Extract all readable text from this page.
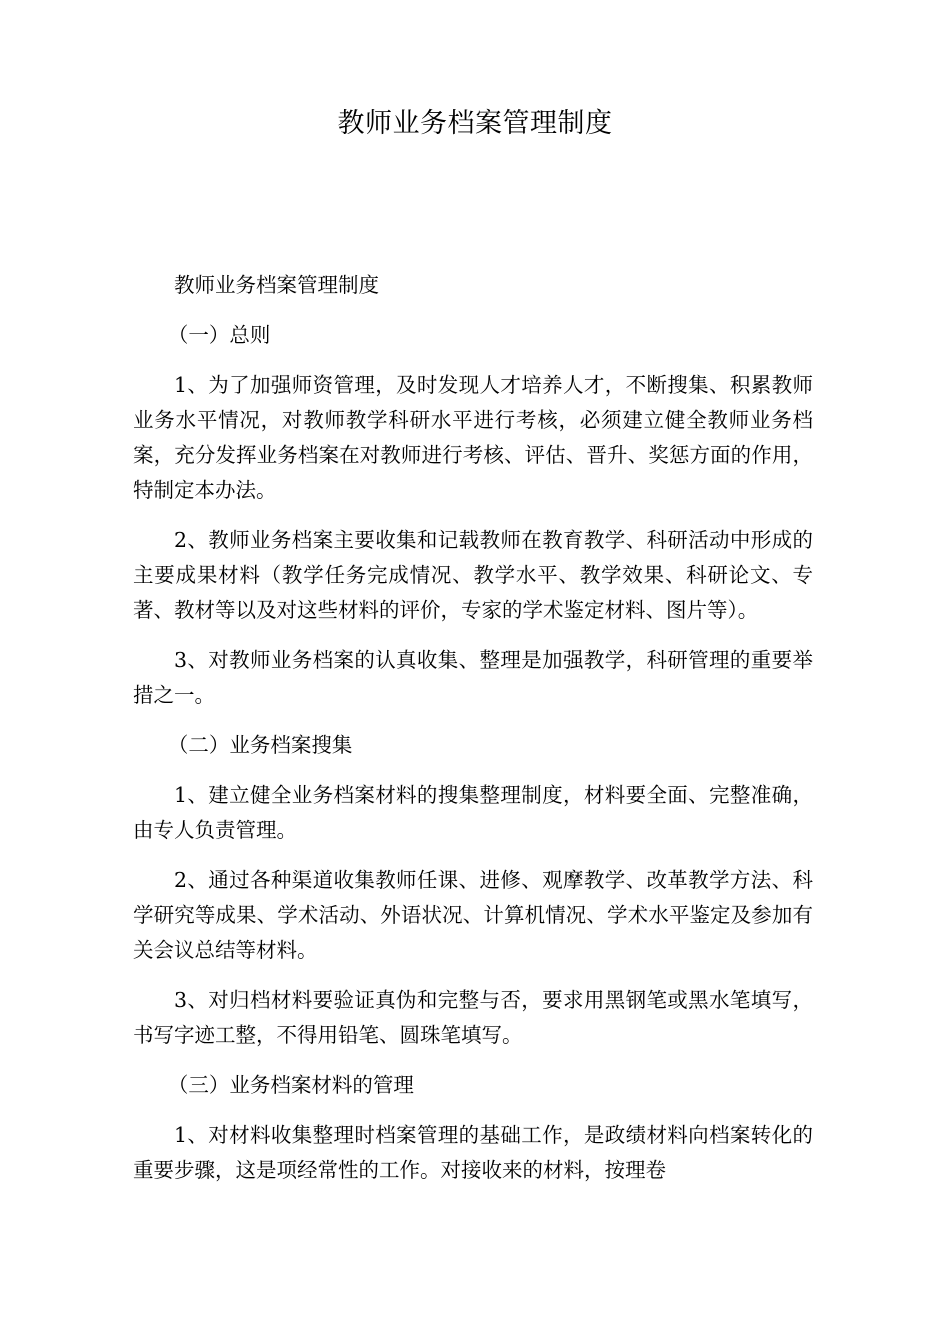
教师业务档案管理制度

教师业务档案管理制度

（一）总则

1、为了加强师资管理，及时发现人才培养人才，不断搜集、积累教师业务水平情况，对教师教学科研水平进行考核，必须建立健全教师业务档案，充分发挥业务档案在对教师进行考核、评估、晋升、奖惩方面的作用，特制定本办法。

2、教师业务档案主要收集和记载教师在教育教学、科研活动中形成的主要成果材料（教学任务完成情况、教学水平、教学效果、科研论文、专著、教材等以及对这些材料的评价，专家的学术鉴定材料、图片等）。

3、对教师业务档案的认真收集、整理是加强教学，科研管理的重要举措之一。

（二）业务档案搜集

1、建立健全业务档案材料的搜集整理制度，材料要全面、完整准确，由专人负责管理。

2、通过各种渠道收集教师任课、进修、观摩教学、改革教学方法、科学研究等成果、学术活动、外语状况、计算机情况、学术水平鉴定及参加有关会议总结等材料。

3、对归档材料要验证真伪和完整与否，要求用黑钢笔或黑水笔填写，书写字迹工整，不得用铅笔、圆珠笔填写。

（三）业务档案材料的管理

1、对材料收集整理时档案管理的基础工作，是政绩材料向档案转化的重要步骤，这是项经常性的工作。对接收来的材料，按理卷
